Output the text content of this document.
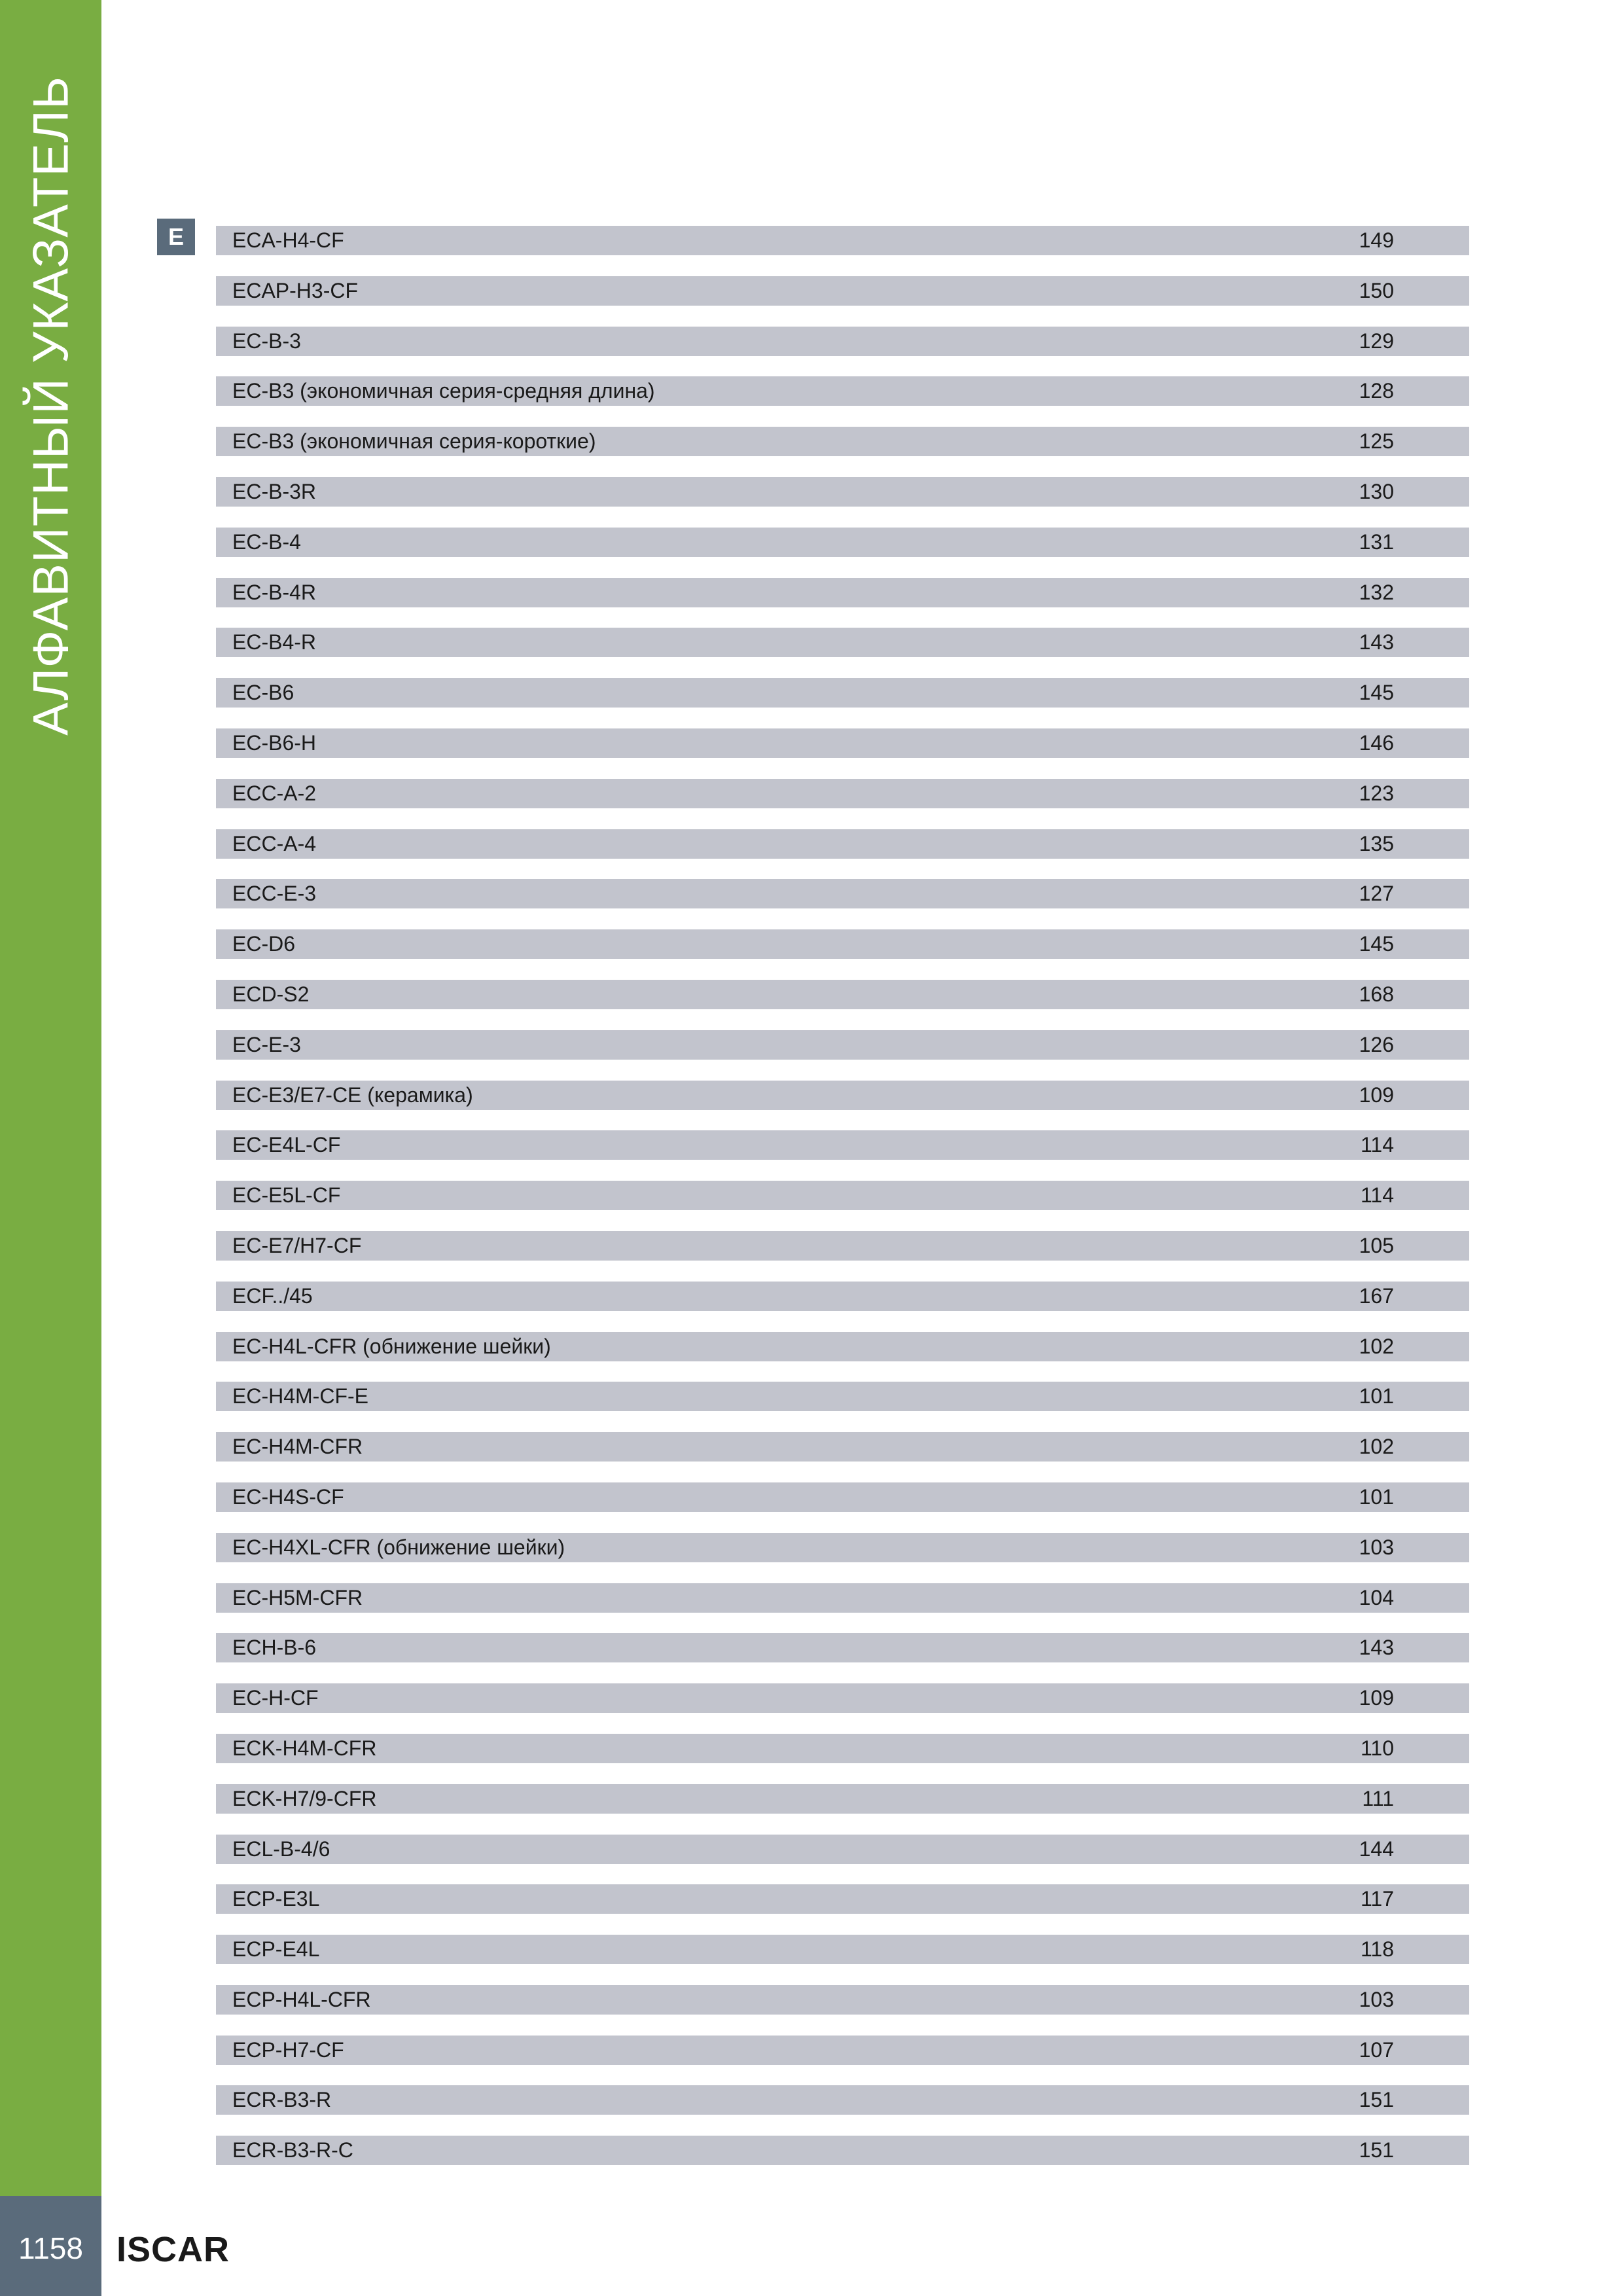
АЛФАВИТНЫЙ УКАЗАТЕЛЬ	E	ECA-H4-CF	149
ECAP-H3-CF	150
EC-B-3	129
EC-B3 (экономичная серия-средняя длина)	128
EC-B3 (экономичная серия-короткие)	125
EC-B-3R	130
EC-B-4	131
EC-B-4R	132
EC-B4-R	143
EC-B6	145
EC-B6-H	146
ECC-A-2	123
ECC-A-4	135
ECC-E-3	127
EC-D6	145
ECD-S2	168
EC-E-3	126
EC-E3/E7-CE (керамика)	109
EC-E4L-CF	114
EC-E5L-CF	114
EC-E7/H7-CF	105
ECF../45	167
EC-H4L-CFR (обнижение шейки)	102
EC-H4M-CF-E	101
EC-H4M-CFR	102
EC-H4S-CF	101
EC-H4XL-CFR (обнижение шейки)	103
EC-H5M-CFR	104
ECH-B-6	143
EC-H-CF	109
ECK-H4M-CFR	110
ECK-H7/9-CFR	111
ECL-B-4/6	144
ECP-E3L	117
ECP-E4L	118
ECP-H4L-CFR	103
ECP-H7-CF	107
ECR-B3-R	151
ECR-B3-R-C	151
1158 ISCAR
